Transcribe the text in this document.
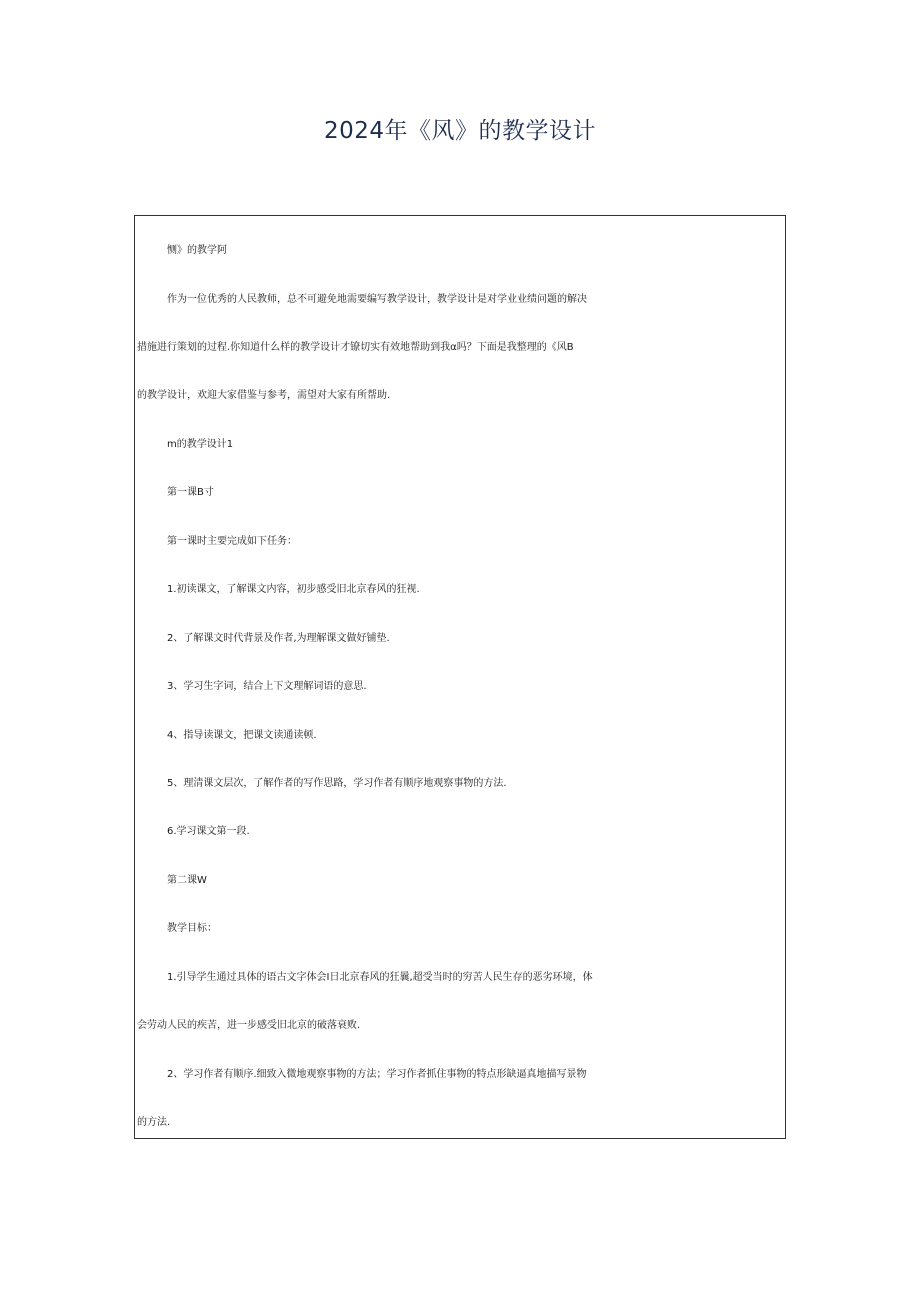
2024年《风》的教学设计
恻》的教学阿
作为一位优秀的人民教师，总不可避免地需要编写教学设计，教学设计是对学业业绩问题的解决
措施进行策划的过程.你知道什么样的教学设计才镣切实有效地帮助到我α吗？下面是我整理的《风B
的教学设计，欢迎大家借鉴与参考，需望对大家有所帮助.
m的教学设计1
第一课B寸
第一课时主要完成如下任务：
1.初读课文，了解课文内容，初步感受旧北京春风的狂视.
2、了解课文时代背景及作者,为理解课文做好铺垫.
3、学习生字词，结合上下文理解词语的意思.
4、指导读课文，把课文读通读顿.
5、理清课文层次，了解作者的写作思路，学习作者有顺序地观察事物的方法.
6.学习课文第一段.
第二课W
教学目标：
1.引导学生通过具体的语古文字体会I日北京春风的狂曩,超受当时的穷苦人民生存的恶劣环境，体
会劳动人民的疾苦，进一步感受旧北京的破落衰败.
2、学习作者有顺序.细致入微地观察事物的方法；学习作者抓住事物的特点形缺逼真地描写景物
的方法.
